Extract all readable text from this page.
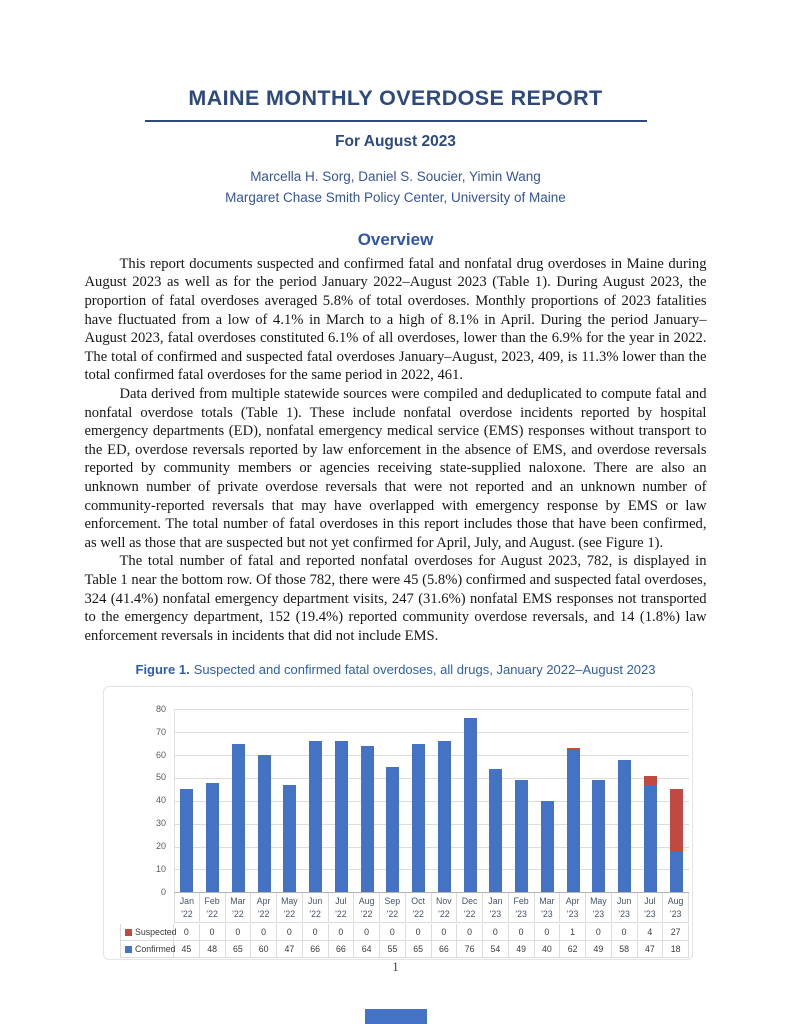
MAINE MONTHLY OVERDOSE REPORT
For August 2023
Marcella H. Sorg, Daniel S. Soucier, Yimin Wang
Margaret Chase Smith Policy Center, University of Maine
Overview

This report documents suspected and confirmed fatal and nonfatal drug overdoses in Maine during August 2023 as well as for the period January 2022–August 2023 (Table 1). During August 2023, the proportion of fatal overdoses averaged 5.8% of total overdoses. Monthly proportions of 2023 fatalities have fluctuated from a low of 4.1% in March to a high of 8.1% in April. During the period January–August 2023, fatal overdoses constituted 6.1% of all overdoses, lower than the 6.9% for the year in 2022. The total of confirmed and suspected fatal overdoses January–August, 2023, 409, is 11.3% lower than the total confirmed fatal overdoses for the same period in 2022, 461.

Data derived from multiple statewide sources were compiled and deduplicated to compute fatal and nonfatal overdose totals (Table 1). These include nonfatal overdose incidents reported by hospital emergency departments (ED), nonfatal emergency medical service (EMS) responses without transport to the ED, overdose reversals reported by law enforcement in the absence of EMS, and overdose reversals reported by community members or agencies receiving state-supplied naloxone. There are also an unknown number of private overdose reversals that were not reported and an unknown number of community-reported reversals that may have overlapped with emergency response by EMS or law enforcement. The total number of fatal overdoses in this report includes those that have been confirmed, as well as those that are suspected but not yet confirmed for April, July, and August. (see Figure 1).

The total number of fatal and reported nonfatal overdoses for August 2023, 782, is displayed in Table 1 near the bottom row. Of those 782, there were 45 (5.8%) confirmed and suspected fatal overdoses, 324 (41.4%) nonfatal emergency department visits, 247 (31.6%) nonfatal EMS responses not transported to the emergency department, 152 (19.4%) reported community overdose reversals, and 14 (1.8%) law enforcement reversals in incidents that did not include EMS.

Figure 1. Suspected and confirmed fatal overdoses, all drugs, January 2022–August 2023
0
10
20
30
40
50
60
70
80
Jan
'22
Feb
'22
Mar
'22
Apr
'22
May
'22
Jun
'22
Jul
'22
Aug
'22
Sep
'22
Oct
'22
Nov
'22
Dec
'22
Jan
'23
Feb
'23
Mar
'23
Apr
'23
May
'23
Jun
'23
Jul
'23
Aug
'23
Suspected 0	0	0	0	0	0	0	0	0	0	0	0	0	0	0	1	0	0	4	27
Confirmed 45	48	65	60	47	66	66	64	55	65	66	76	54	49	40	62	49	58	47	18
1
